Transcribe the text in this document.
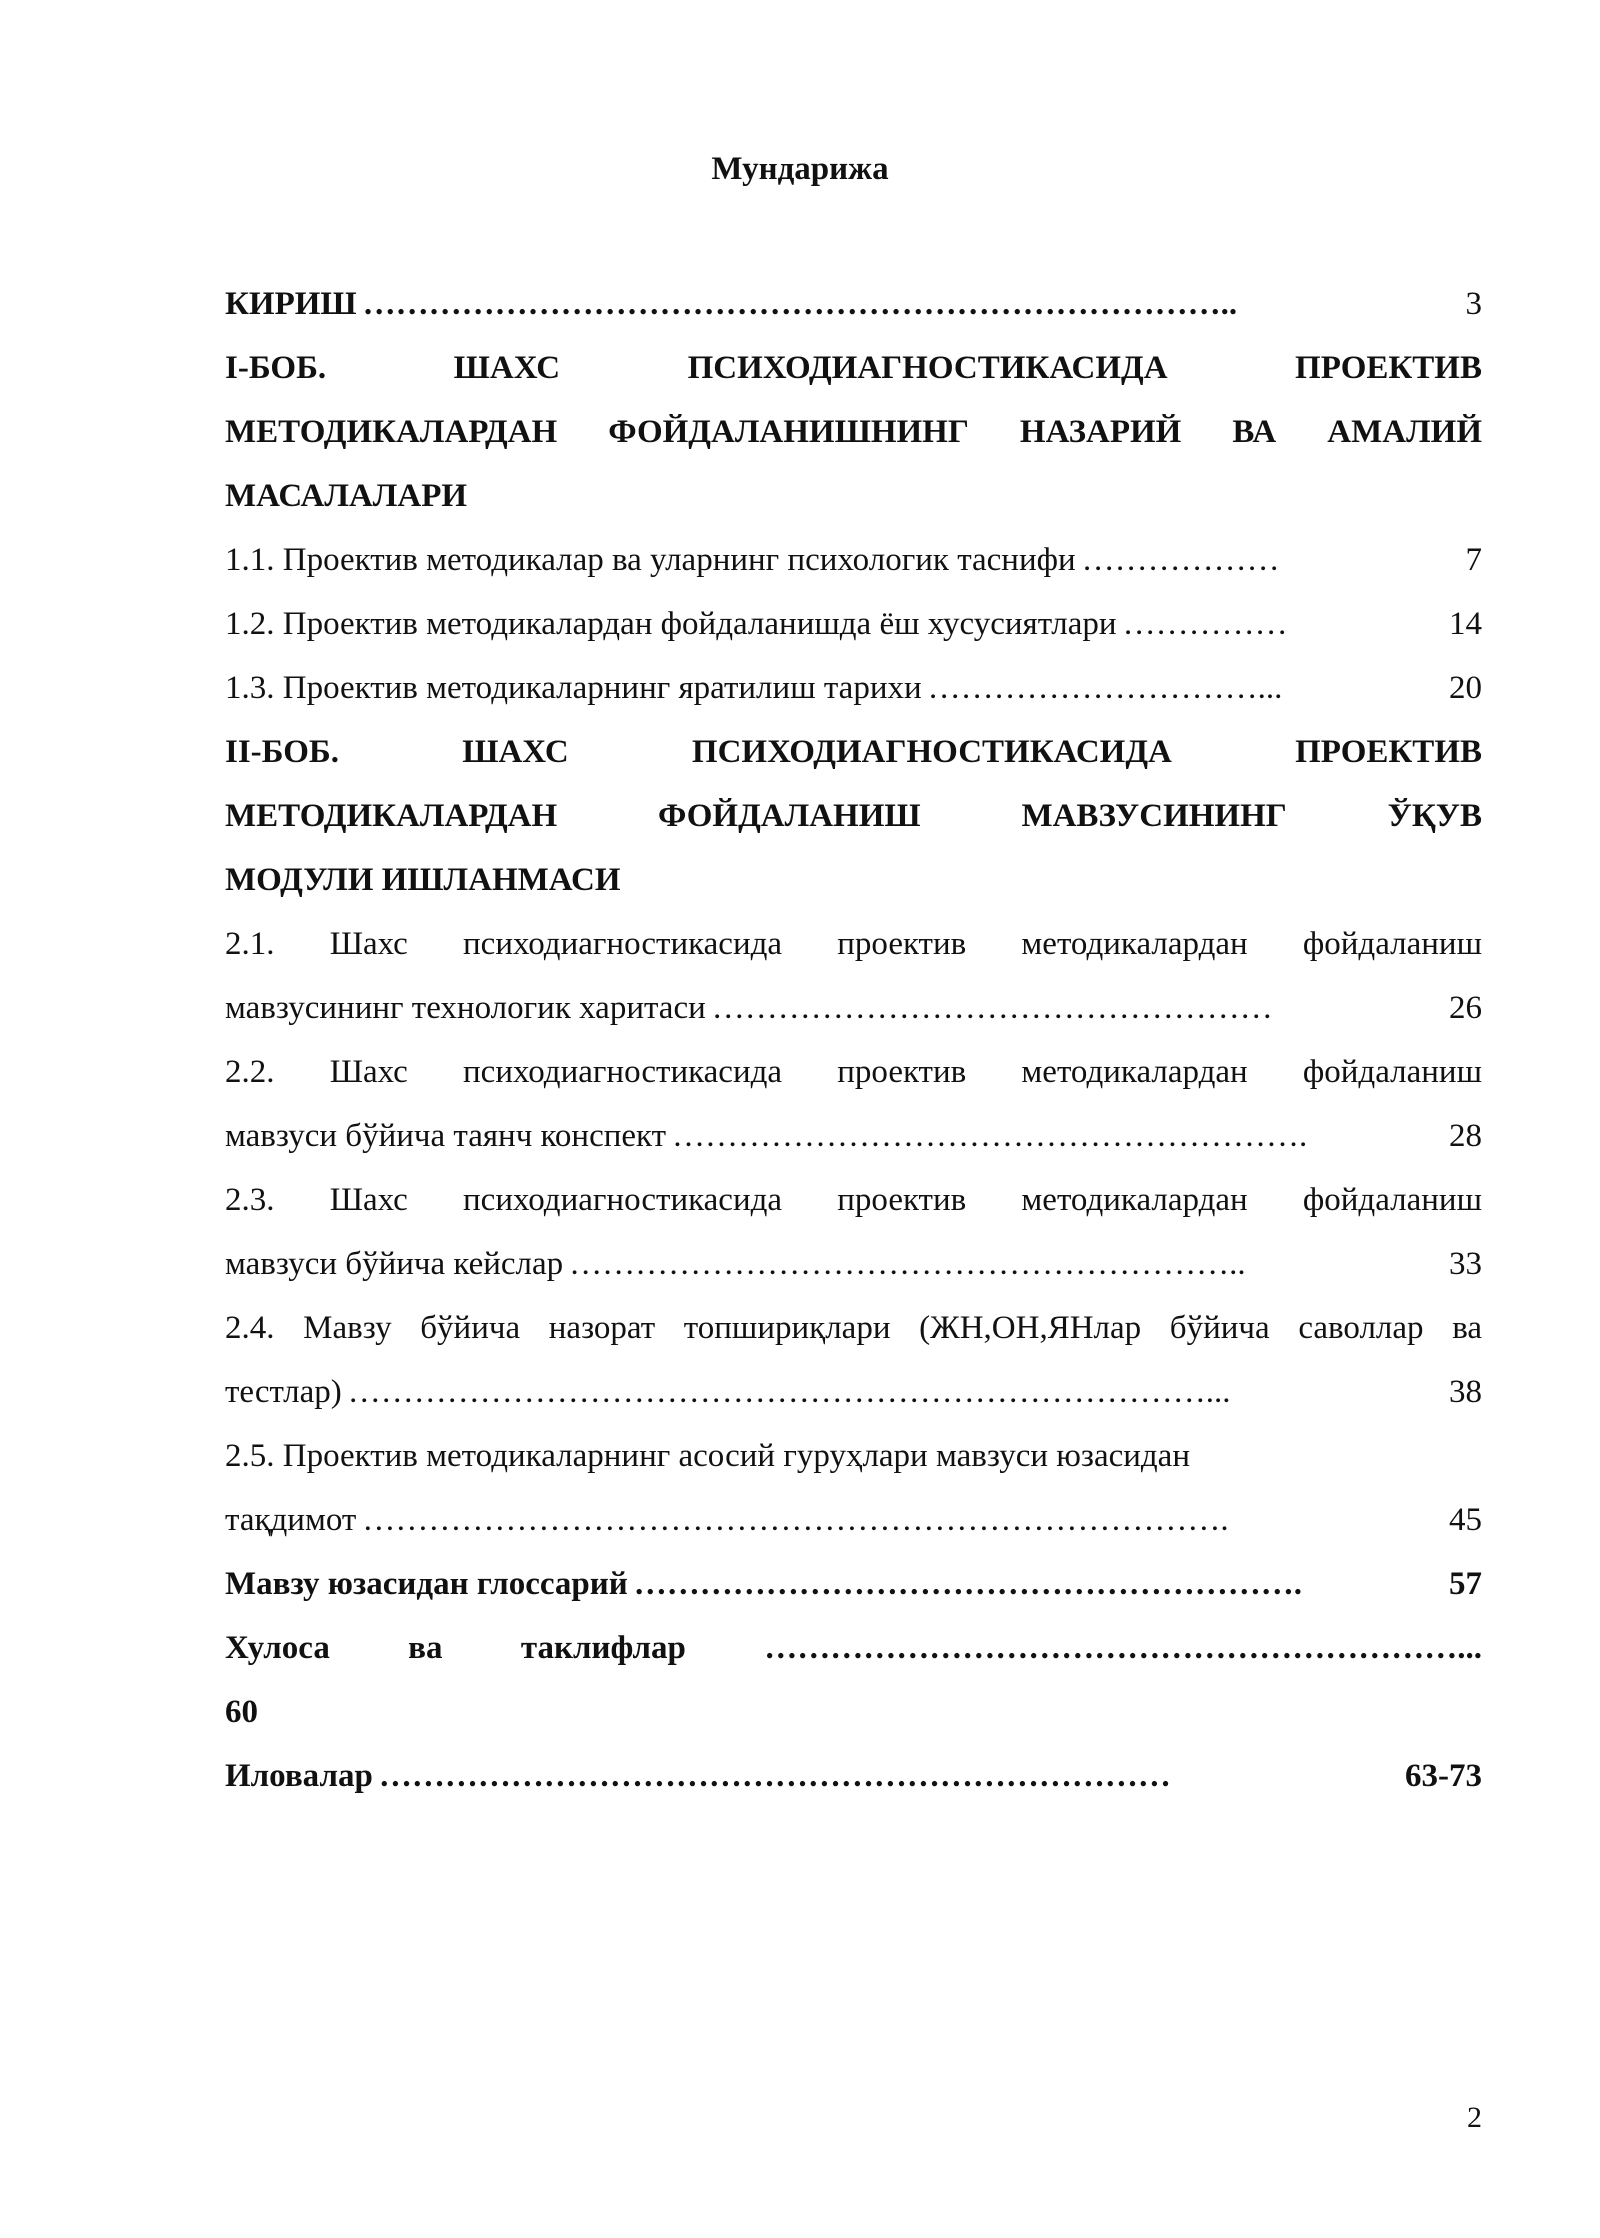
Мундарижа
КИРИШ ……………………………………………………………………..	3
I-БОБ. ШАХС ПСИХОДИАГНОСТИКАСИДА ПРОЕКТИВ
МЕТОДИКАЛАРДАН ФОЙДАЛАНИШНИНГ НАЗАРИЙ ВА АМАЛИЙ
МАСАЛАЛАРИ
1.1. Проектив методикалар ва уларнинг психологик таснифи ………………	7
1.2. Проектив методикалардан фойдаланишда ёш хусусиятлари ……………	14
1.3. Проектив методикаларнинг яратилиш тарихи …………………………...	20
II-БОБ. ШАХС ПСИХОДИАГНОСТИКАСИДА ПРОЕКТИВ
МЕТОДИКАЛАРДАН ФОЙДАЛАНИШ МАВЗУСИНИНГ ЎҚУВ
МОДУЛИ ИШЛАНМАСИ
2.1. Шахс психодиагностикасида проектив методикалардан фойдаланиш
мавзусининг технологик харитаси ……………………………………………	26
2.2. Шахс психодиагностикасида проектив методикалардан фойдаланиш
мавзуси бўйича таянч конспект ………………………………………………….	28
2.3. Шахс психодиагностикасида проектив методикалардан фойдаланиш
мавзуси бўйича кейслар ……………………………………………………..	33
2.4. Мавзу бўйича назорат топшириқлари (ЖН,ОН,ЯНлар бўйича саволлар ва
тестлар) ……………………………………………………………………...	38
2.5. Проектив методикаларнинг асосий гуруҳлари мавзуси юзасидан
тақдимот …………………………………………………………………….	45
Мавзу юзасидан глоссарий …………………………………………………….	57
Хулоса ва таклифлар ………………………………………………………...
60
Иловалар ………………………………………………………………	63-73
2
